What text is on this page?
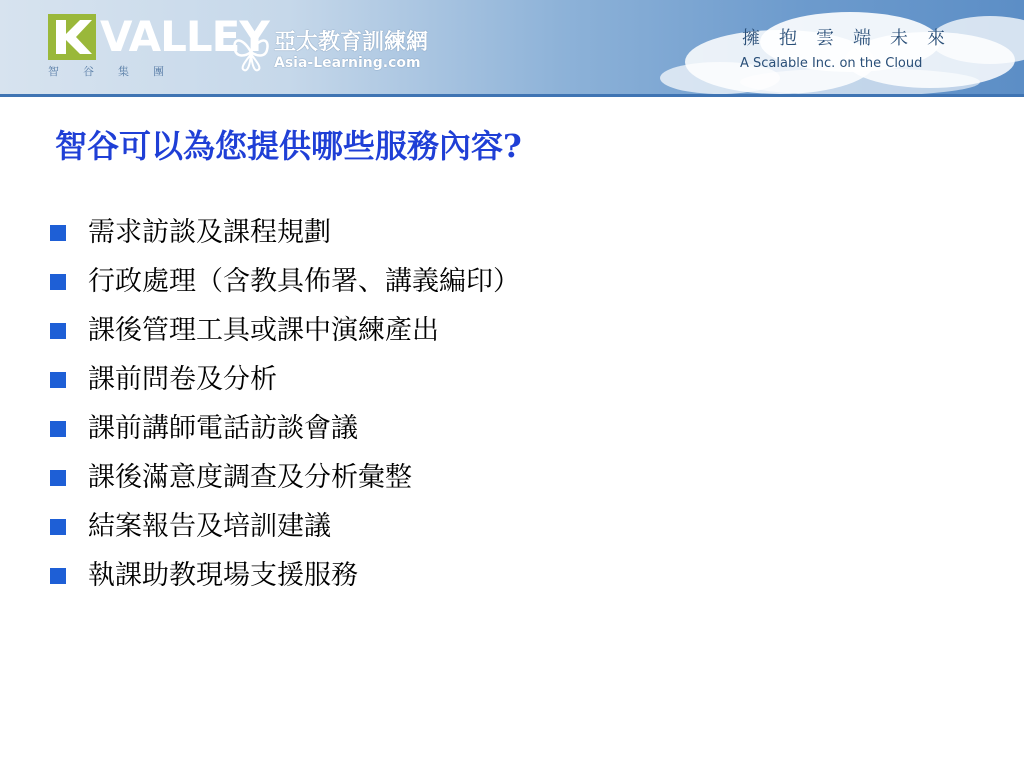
VALLEY
智谷集團
亞太教育訓練網
Asia-Learning.com
擁抱雲端未來
A Scalable Inc. on the Cloud
智谷可以為您提供哪些服務內容?
需求訪談及課程規劃
行政處理（含教具佈署、講義編印）
課後管理工具或課中演練產出
課前問卷及分析
課前講師電話訪談會議
課後滿意度調查及分析彙整
結案報告及培訓建議
執課助教現場支援服務
